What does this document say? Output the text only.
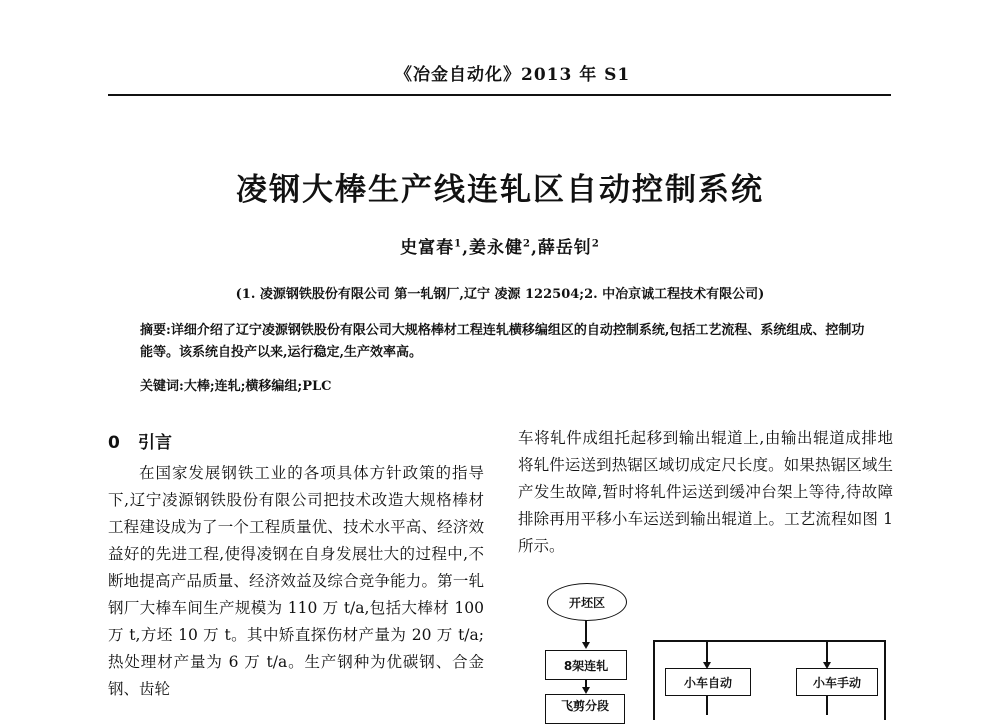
《冶金自动化》2013 年 S1
凌钢大棒生产线连轧区自动控制系统
史富春$^1$,姜永健$^2$,薛岳钊$^2$
(1. 凌源钢铁股份有限公司 第一轧钢厂,辽宁 凌源 122504;2. 中冶京诚工程技术有限公司)
摘要:详细介绍了辽宁凌源钢铁股份有限公司大规格棒材工程连轧横移编组区的自动控制系统,包括工艺流程、系统组成、控制功能等。该系统自投产以来,运行稳定,生产效率高。
关键词:大棒;连轧;横移编组;PLC
0 引言
在国家发展钢铁工业的各项具体方针政策的指导下,辽宁凌源钢铁股份有限公司把技术改造大规格棒材工程建设成为了一个工程质量优、技术水平高、经济效益好的先进工程,使得凌钢在自身发展壮大的过程中,不断地提高产品质量、经济效益及综合竞争能力。第一轧钢厂大棒车间生产规模为 110 万 t/a,包括大棒材 100 万 t,方坯 10 万 t。其中矫直探伤材产量为 20 万 t/a;热处理材产量为 6 万 t/a。生产钢种为优碳钢、合金钢、齿轮
车将轧件成组托起移到输出辊道上,由输出辊道成排地将轧件运送到热锯区域切成定尺长度。如果热锯区域生产发生故障,暂时将轧件运送到缓冲台架上等待,待故障排除再用平移小车运送到输出辊道上。工艺流程如图 1 所示。
开坯区
8架连轧
飞剪分段
小车自动	小车手动
